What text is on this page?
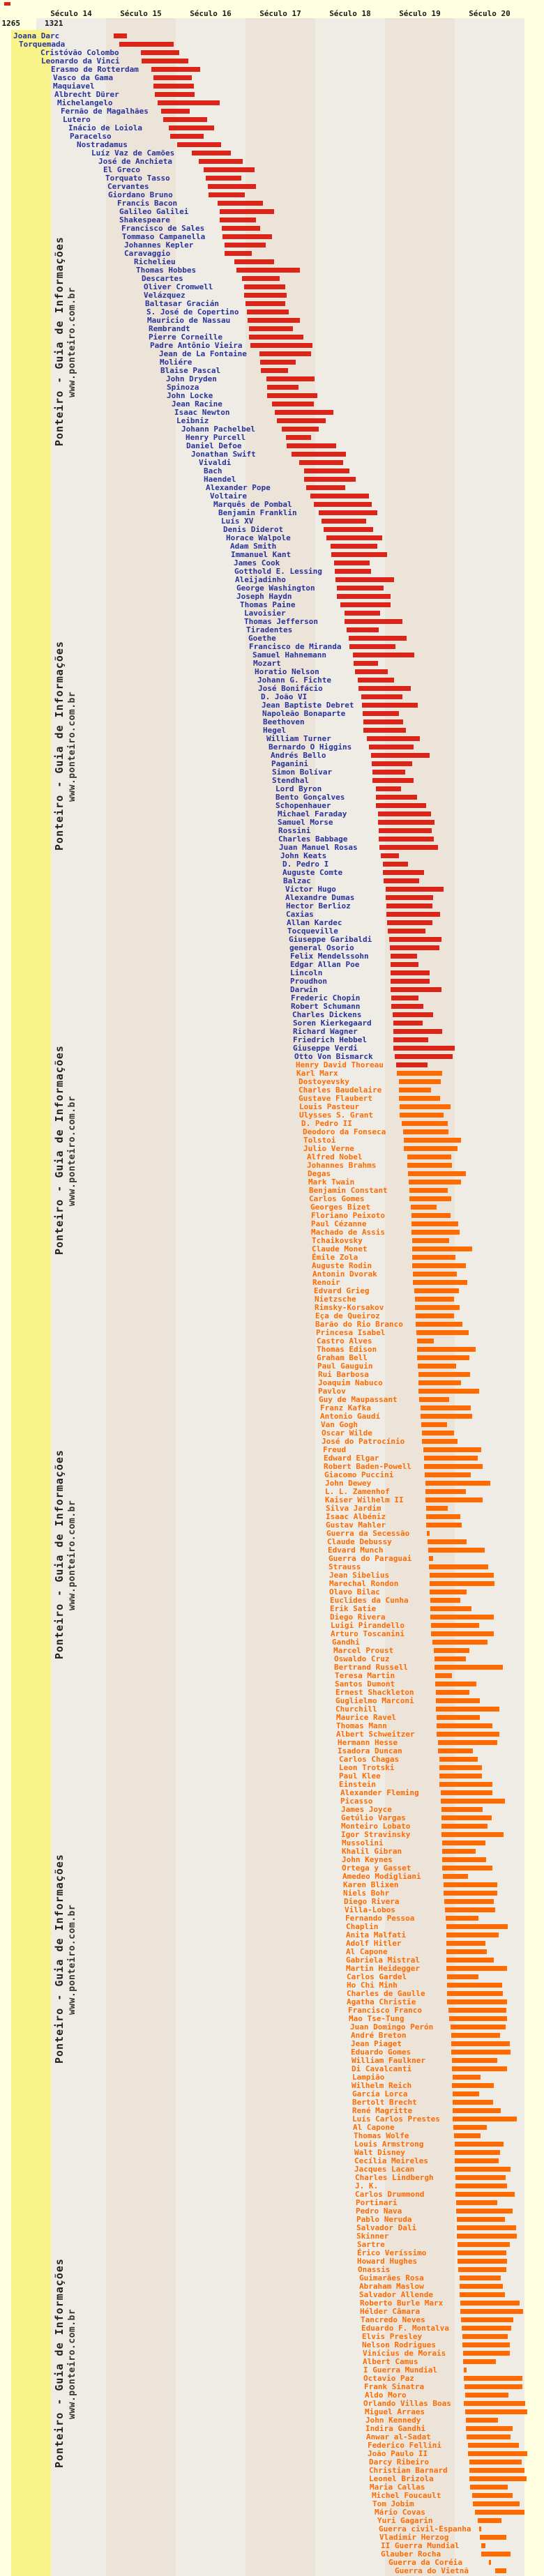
Século 14	Século 15	Século 16	Século 17	Século 18	Século 19	Século 20
1265	1321
Ponteiro - Guia de Informações www.ponteiro.com.br
Ponteiro - Guia de Informações www.ponteiro.com.br
Ponteiro - Guia de Informações www.ponteiro.com.br
Ponteiro - Guia de Informações www.ponteiro.com.br
Ponteiro - Guia de Informações www.ponteiro.com.br
Ponteiro - Guia de Informações www.ponteiro.com.br
Joana Darc
Torquemada
Cristóvão Colombo
Leonardo da Vinci
Erasmo de Rotterdam
Vasco da Gama
Maquiavel
Albrecht Dürer
Michelangelo
Fernão de Magalhães
Lutero
Inácio de Loiola
Paracelso
Nostradamus
Luíz Vaz de Camões
José de Anchieta
El Greco
Torquato Tasso
Cervantes
Giordano Bruno
Francis Bacon
Galileo Galilei
Shakespeare
Francisco de Sales
Tommaso Campanella
Johannes Kepler
Caravaggio
Richelieu
Thomas Hobbes
Descartes
Oliver Cromwell
Velázquez
Baltasar Gracián
S. José de Copertino
Mauricio de Nassau
Rembrandt
Pierre Corneille
Padre Antônio Vieira
Jean de La Fontaine
Moliére
Blaise Pascal
John Dryden
Spinoza
John Locke
Jean Racine
Isaac Newton
Leibniz
Johann Pachelbel
Henry Purcell
Daniel Defoe
Jonathan Swift
Vivaldi
Bach
Haendel
Alexander Pope
Voltaire
Marquês de Pombal
Benjamin Franklin
Luís XV
Denis Diderot
Horace Walpole
Adam Smith
Immanuel Kant
James Cook
Gotthold E. Lessing
Aleijadinho
George Washington
Joseph Haydn
Thomas Paine
Lavoisier
Thomas Jefferson
Tiradentes
Goethe
Francisco de Miranda
Samuel Hahnemann
Mozart
Horatio Nelson
Johann G. Fichte
José Bonifácio
D. João VI
Jean Baptiste Debret
Napoleão Bonaparte
Beethoven
Hegel
William Turner
Bernardo O Higgins
Andrés Bello
Paganini
Simon Bolívar
Stendhal
Lord Byron
Bento Gonçalves
Schopenhauer
Michael Faraday
Samuel Morse
Rossini
Charles Babbage
Juan Manuel Rosas
John Keats
D. Pedro I
Auguste Comte
Balzac
Victor Hugo
Alexandre Dumas
Hector Berlioz
Caxias
Allan Kardec
Tocqueville
Giuseppe Garibaldi
general Osorio
Felix Mendelssohn
Edgar Allan Poe
Lincoln
Proudhon
Darwin
Frederic Chopin
Robert Schumann
Charles Dickens
Soren Kierkegaard
Richard Wagner
Friedrich Hebbel
Giuseppe Verdi
Otto Von Bismarck
Henry David Thoreau
Karl Marx
Dostoyevsky
Charles Baudelaire
Gustave Flaubert
Louis Pasteur
Ulysses S. Grant
D. Pedro II
Deodoro da Fonseca
Tolstoi
Julio Verne
Alfred Nobel
Johannes Brahms
Degas
Mark Twain
Benjamin Constant
Carlos Gomes
Georges Bizet
Floriano Peixoto
Paul Cézanne
Machado de Assis
Tchaikovsky
Claude Monet
Émile Zola
Auguste Rodin
Antonin Dvorak
Renoir
Edvard Grieg
Nietzsche
Rimsky-Korsakov
Eça de Queiroz
Barão do Rio Branco
Princesa Isabel
Castro Alves
Thomas Edison
Graham Bell
Paul Gauguin
Rui Barbosa
Joaquim Nabuco
Pavlov
Guy de Maupassant
Franz Kafka
Antonio Gaudí
Van Gogh
Oscar Wilde
José do Patrocínio
Freud
Edward Elgar
Robert Baden-Powell
Giacomo Puccini
John Dewey
L. L. Zamenhof
Kaiser Wilhelm II
Silva Jardim
Isaac Albéniz
Gustav Mahler
Guerra da Secessão
Claude Debussy
Edvard Munch
Guerra do Paraguai
Strauss
Jean Sibelius
Marechal Rondon
Olavo Bilac
Euclides da Cunha
Erik Satie
Diego Rivera
Luigi Pirandello
Arturo Toscanini
Gandhi
Marcel Proust
Oswaldo Cruz
Bertrand Russell
Teresa Martin
Santos Dumont
Ernest Shackleton
Guglielmo Marconi
Churchill
Maurice Ravel
Thomas Mann
Albert Schweitzer
Hermann Hesse
Isadora Duncan
Carlos Chagas
Leon Trotski
Paul Klee
Einstein
Alexander Fleming
Picasso
James Joyce
Getúlio Vargas
Monteiro Lobato
Igor Stravinsky
Mussolini
Khalil Gibran
John Keynes
Ortega y Gasset
Amedeo Modigliani
Karen Blixen
Niels Bohr
Diego Rivera
Villa-Lobos
Fernando Pessoa
Chaplin
Anita Malfati
Adolf Hitler
Al Capone
Gabriela Mistral
Martin Heidegger
Carlos Gardel
Ho Chi Minh
Charles de Gaulle
Agatha Christie
Francisco Franco
Mao Tse-Tung
Juan Domingo Perón
André Breton
Jean Piaget
Eduardo Gomes
William Faulkner
Di Cavalcanti
Lampião
Wilhelm Reich
García Lorca
Bertolt Brecht
René Magritte
Luís Carlos Prestes
Al Capone
Thomas Wolfe
Louis Armstrong
Walt Disney
Cecília Meireles
Jacques Lacan
Charles Lindbergh
J. K.
Carlos Drummond
Portinari
Pedro Nava
Pablo Neruda
Salvador Dali
Skinner
Sartre
Érico Veríssimo
Howard Hughes
Onassis
Guimarães Rosa
Abraham Maslow
Salvador Allende
Roberto Burle Marx
Hélder Câmara
Tancredo Neves
Eduardo F. Montalva
Elvis Presley
Nelson Rodrigues
Vinícius de Morais
Albert Camus
I Guerra Mundial
Octavio Paz
Frank Sinatra
Aldo Moro
Orlando Villas Boas
Miguel Arraes
John Kennedy
Indira Gandhi
Anwar al-Sadat
Federico Fellini
João Paulo II
Darcy Ribeiro
Christian Barnard
Leonel Brizola
Maria Callas
Michel Foucault
Tom Jobim
Mário Covas
Yuri Gagarin
Guerra civil-Espanha
Vladimir Herzog
II Guerra Mundial
Glauber Rocha
Guerra da Coréia
Guerra do Vietnã
